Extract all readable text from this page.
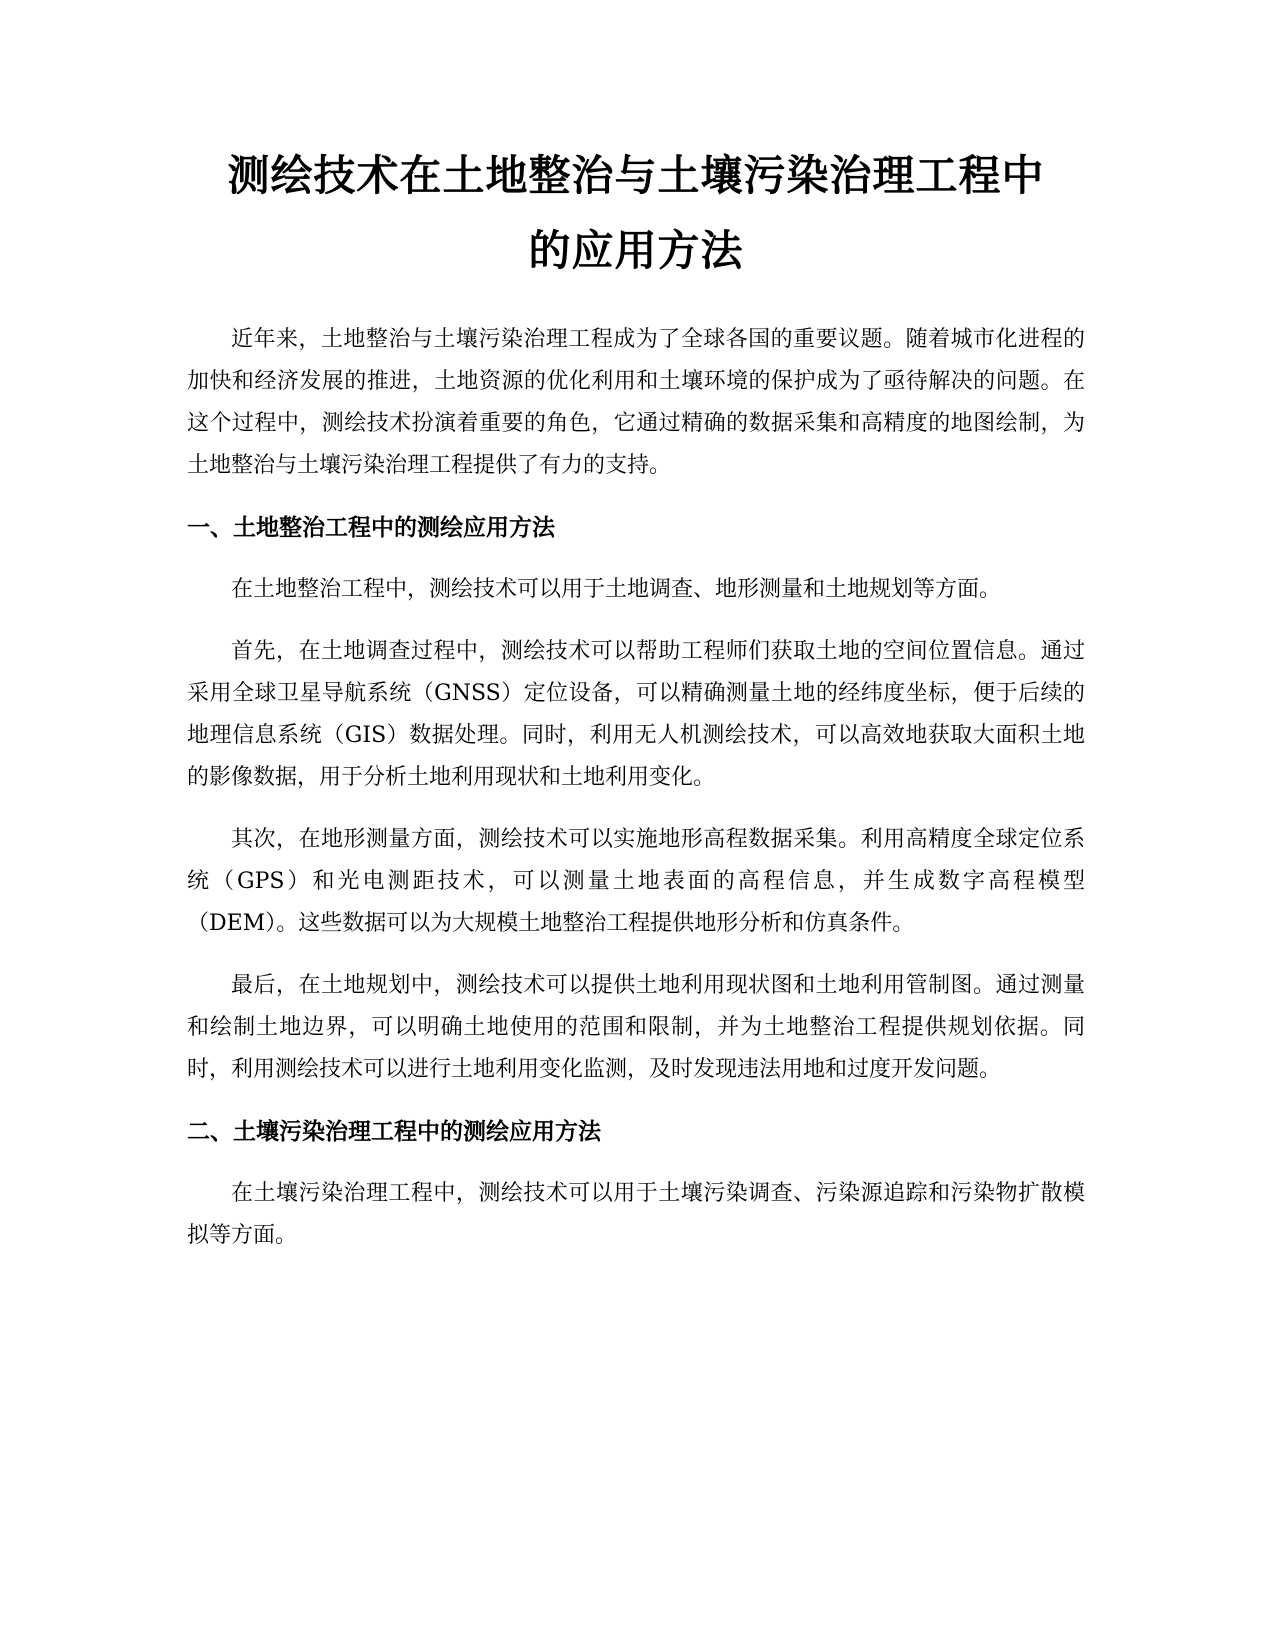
测绘技术在土地整治与土壤污染治理工程中
的应用方法

近年来，土地整治与土壤污染治理工程成为了全球各国的重要议题。随着城市化进程的加快和经济发展的推进，土地资源的优化利用和土壤环境的保护成为了亟待解决的问题。在这个过程中，测绘技术扮演着重要的角色，它通过精确的数据采集和高精度的地图绘制，为土地整治与土壤污染治理工程提供了有力的支持。

一、土地整治工程中的测绘应用方法

在土地整治工程中，测绘技术可以用于土地调查、地形测量和土地规划等方面。

首先，在土地调查过程中，测绘技术可以帮助工程师们获取土地的空间位置信息。通过采用全球卫星导航系统（GNSS）定位设备，可以精确测量土地的经纬度坐标，便于后续的地理信息系统（GIS）数据处理。同时，利用无人机测绘技术，可以高效地获取大面积土地的影像数据，用于分析土地利用现状和土地利用变化。

其次，在地形测量方面，测绘技术可以实施地形高程数据采集。利用高精度全球定位系统（GPS）和光电测距技术，可以测量土地表面的高程信息，并生成数字高程模型（DEM）。这些数据可以为大规模土地整治工程提供地形分析和仿真条件。

最后，在土地规划中，测绘技术可以提供土地利用现状图和土地利用管制图。通过测量和绘制土地边界，可以明确土地使用的范围和限制，并为土地整治工程提供规划依据。同时，利用测绘技术可以进行土地利用变化监测，及时发现违法用地和过度开发问题。

二、土壤污染治理工程中的测绘应用方法

在土壤污染治理工程中，测绘技术可以用于土壤污染调查、污染源追踪和污染物扩散模拟等方面。
